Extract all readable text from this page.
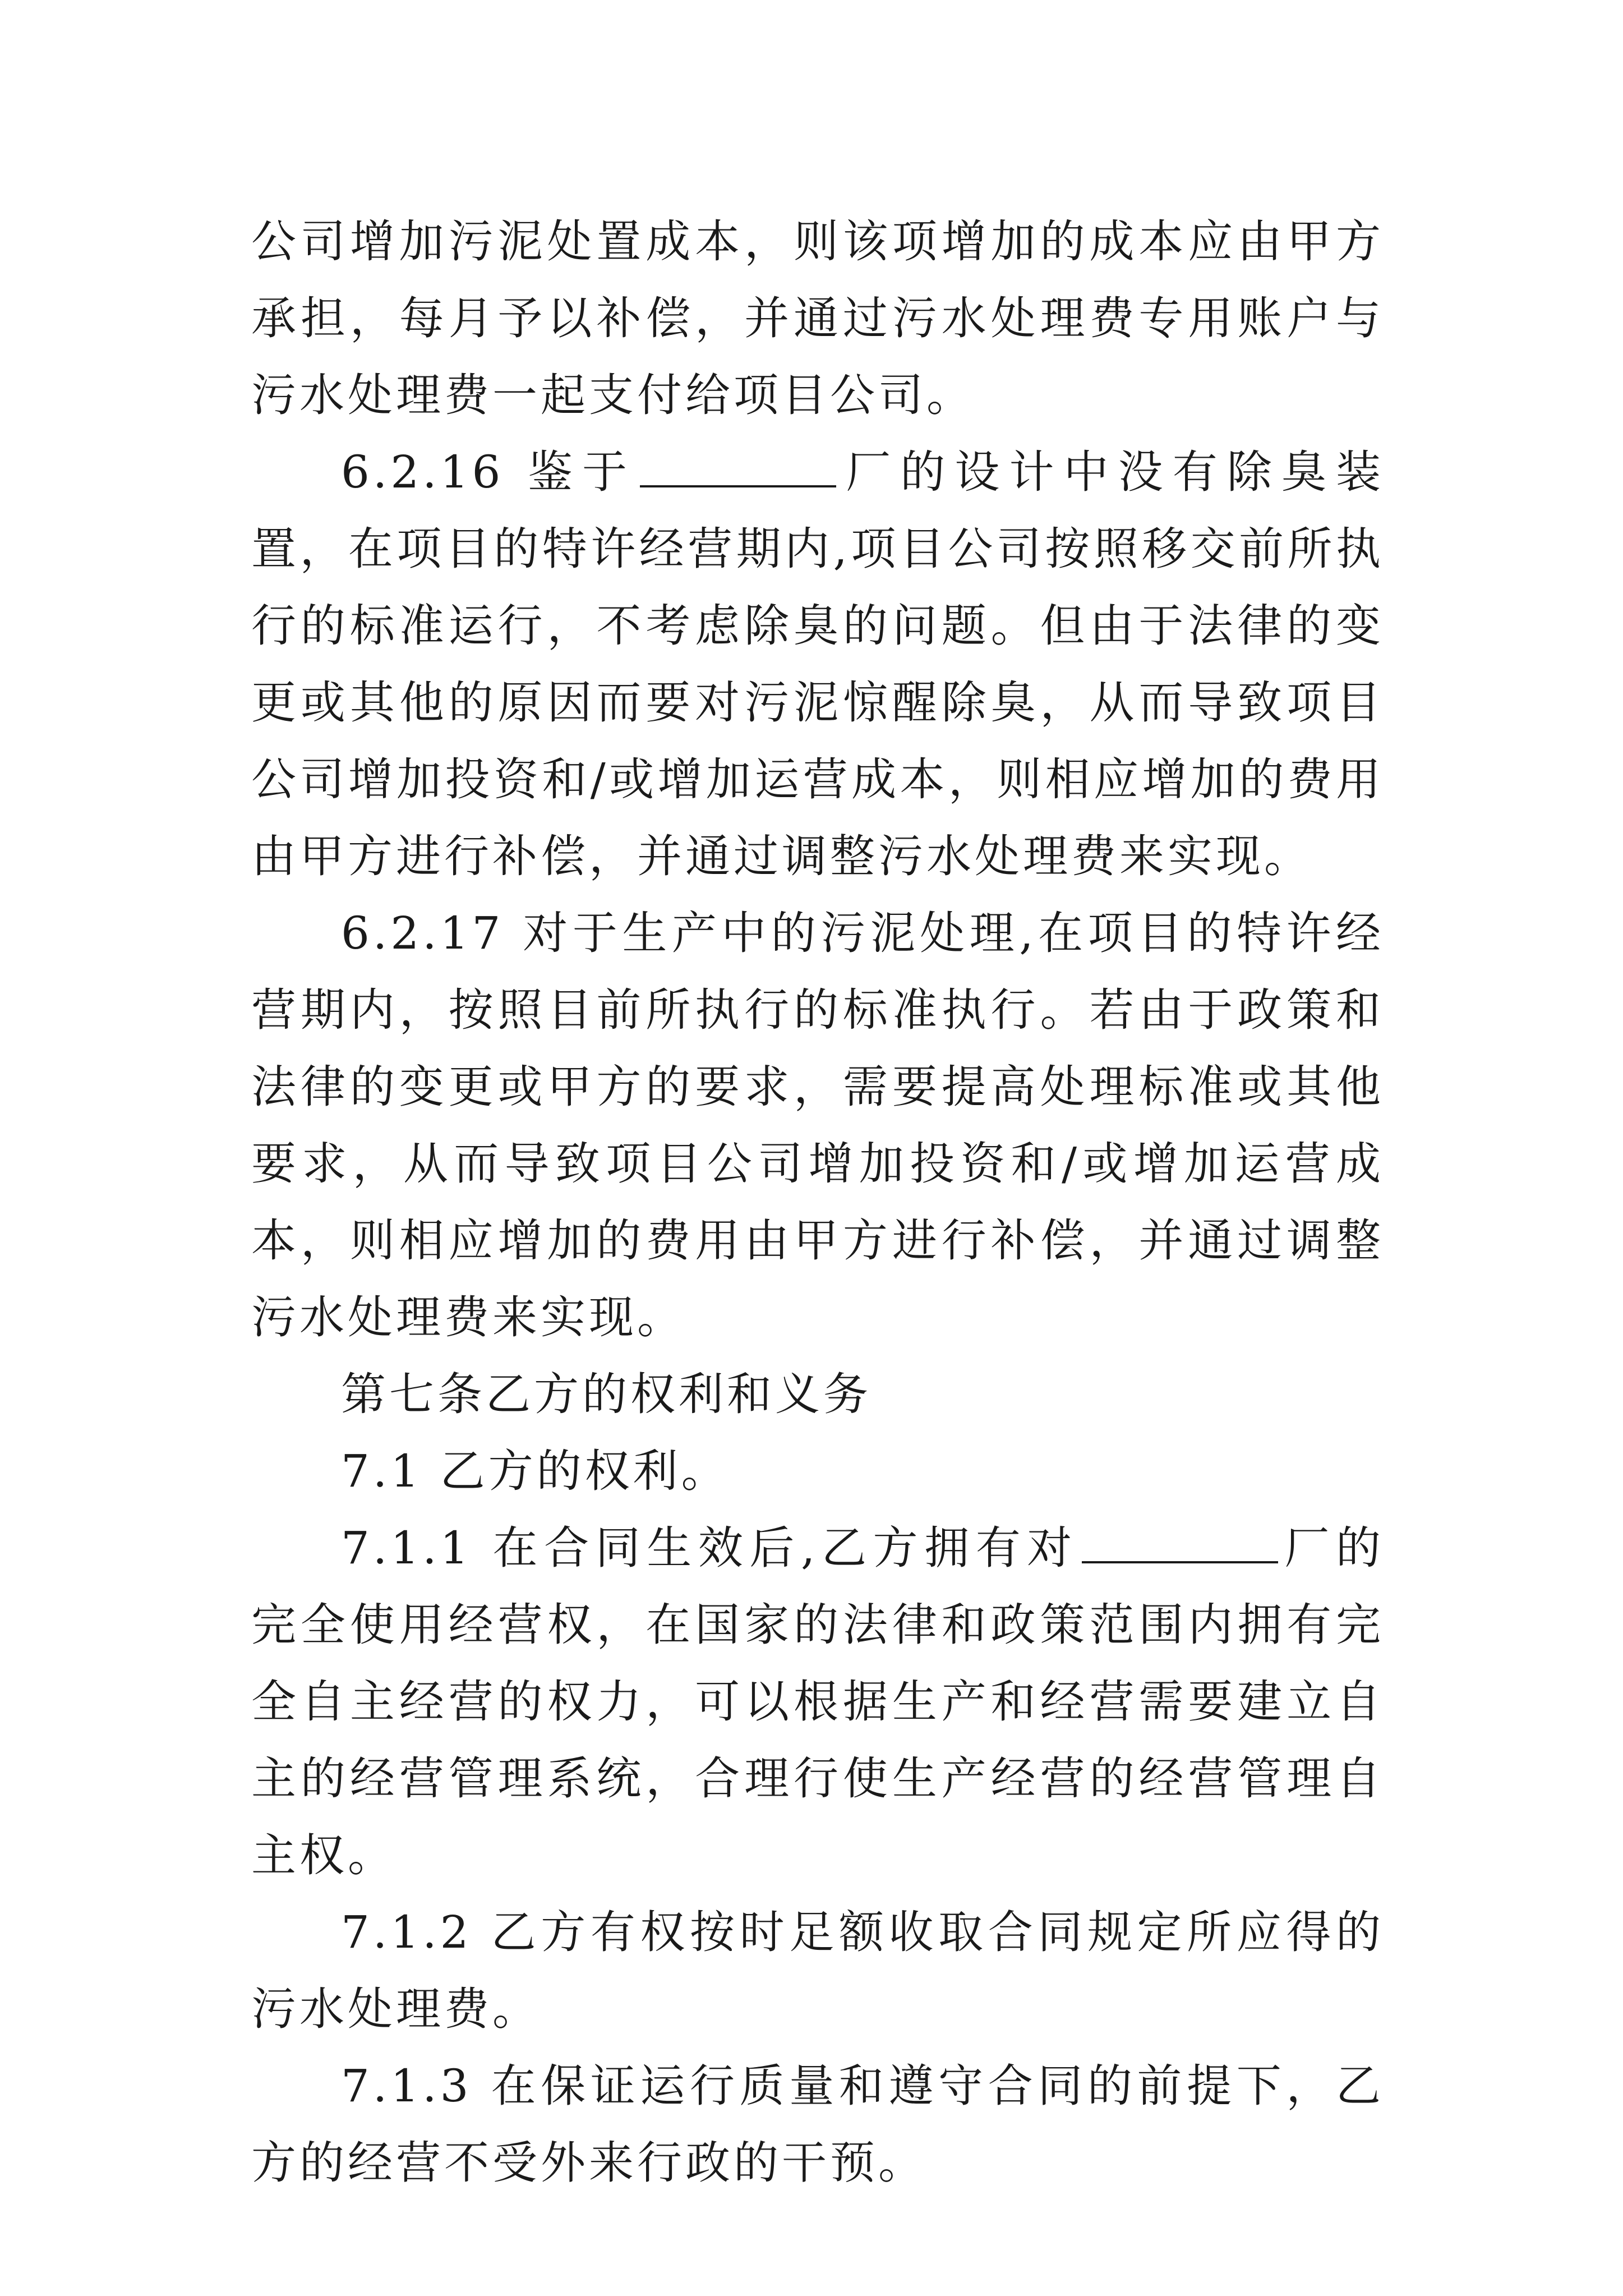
公司增加污泥处置成本，则该项增加的成本应由甲方承担，每月予以补偿，并通过污水处理费专用账户与污水处理费一起支付给项目公司。

6.2.16 鉴于	厂的设计中没有除臭装置，在项目的特许经营期内,项目公司按照移交前所执行的标准运行，不考虑除臭的问题。但由于法律的变更或其他的原因而要对污泥惊醒除臭，从而导致项目公司增加投资和/或增加运营成本，则相应增加的费用由甲方进行补偿，并通过调整污水处理费来实现。

6.2.17 对于生产中的污泥处理,在项目的特许经营期内，按照目前所执行的标准执行。若由于政策和法律的变更或甲方的要求，需要提高处理标准或其他要求，从而导致项目公司增加投资和/或增加运营成本，则相应增加的费用由甲方进行补偿，并通过调整污水处理费来实现。

第七条乙方的权利和义务

7.1 乙方的权利。

7.1.1 在合同生效后,乙方拥有对	厂的完全使用经营权，在国家的法律和政策范围内拥有完全自主经营的权力，可以根据生产和经营需要建立自主的经营管理系统，合理行使生产经营的经营管理自主权。

7.1.2 乙方有权按时足额收取合同规定所应得的污水处理费。

7.1.3 在保证运行质量和遵守合同的前提下，乙方的经营不受外来行政的干预。
